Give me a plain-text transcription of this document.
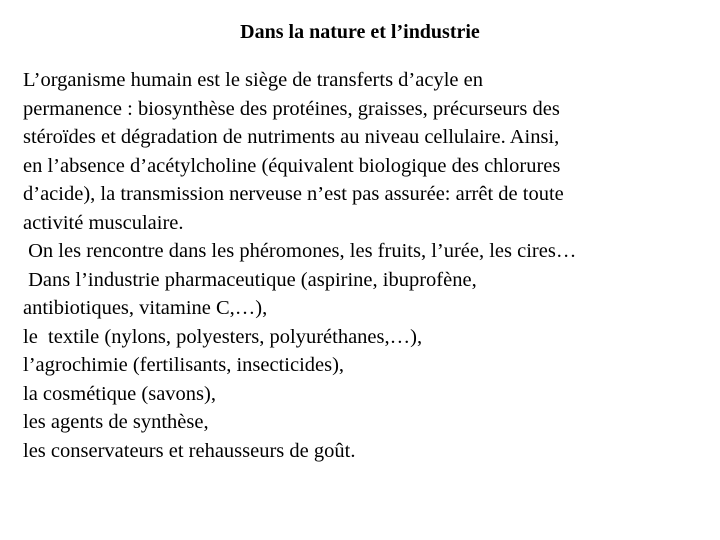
Dans la nature et l’industrie
L’organisme humain est le siège de transferts d’acyle en
permanence : biosynthèse des protéines, graisses, précurseurs des
stéroïdes et dégradation de nutriments au niveau cellulaire. Ainsi,
en l’absence d’acétylcholine (équivalent biologique des chlorures
d’acide), la transmission nerveuse n’est pas assurée: arrêt de toute
activité musculaire.
On les rencontre dans les phéromones, les fruits, l’urée, les cires…
Dans l’industrie pharmaceutique (aspirine, ibuprofène,
antibiotiques, vitamine C,…),
le  textile (nylons, polyesters, polyuréthanes,…),
l’agrochimie (fertilisants, insecticides),
la cosmétique (savons),
les agents de synthèse,
les conservateurs et rehausseurs de goût.
